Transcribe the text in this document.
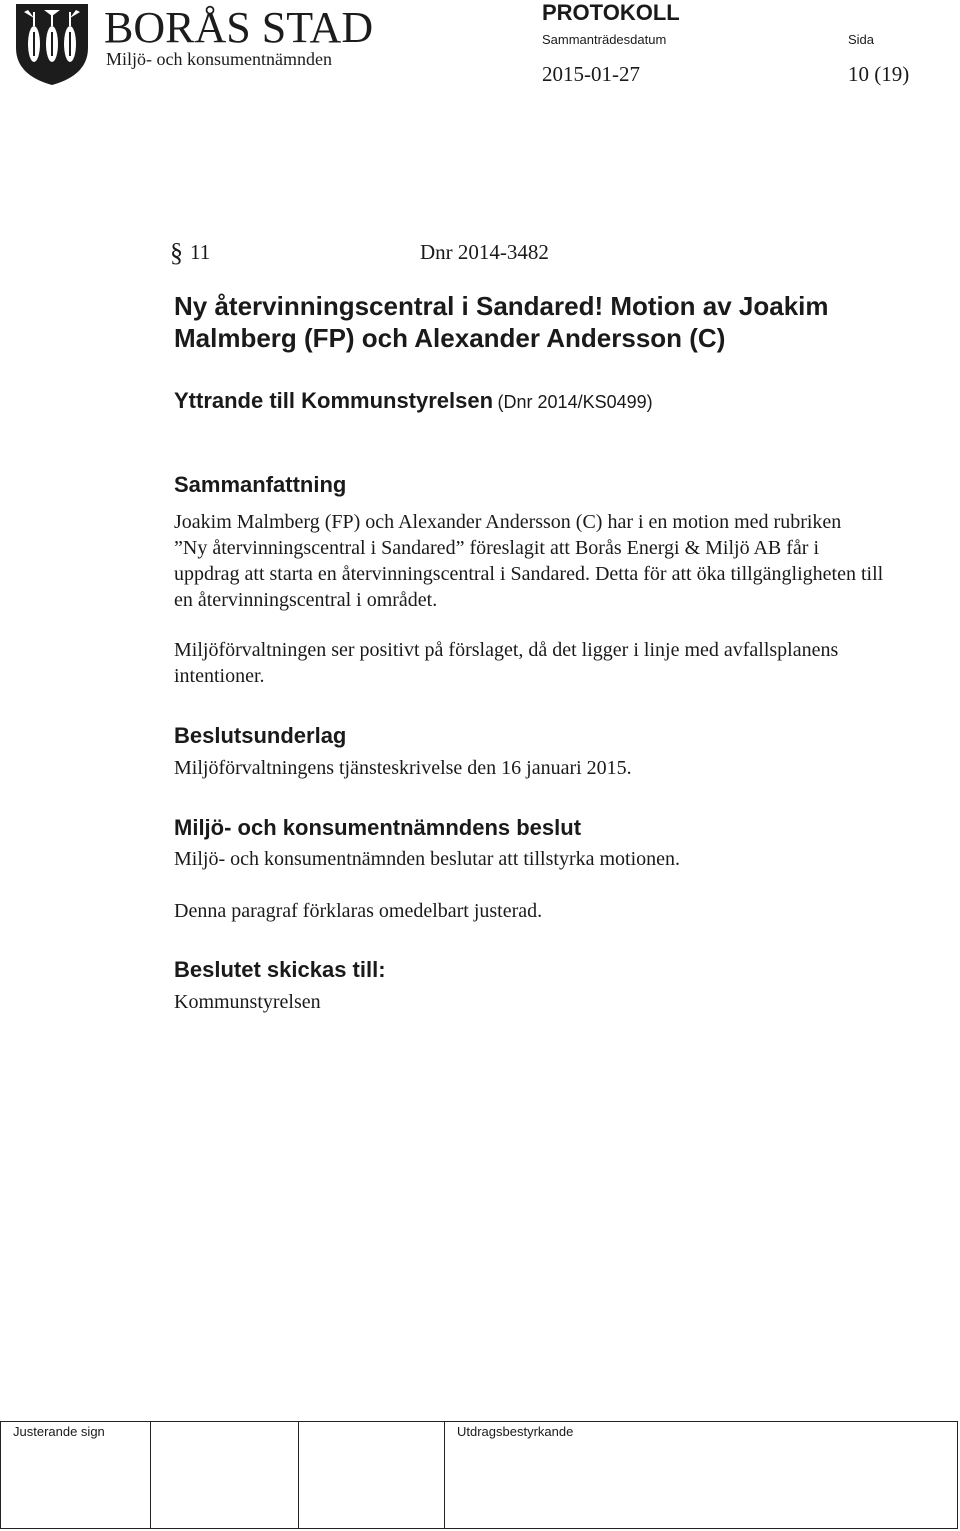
BORÅS STAD
Miljö- och konsumentnämnden
PROTOKOLL
Sammanträdesdatum	Sida
2015-01-27	10 (19)
§ 11	Dnr 2014-3482
Ny återvinningscentral i Sandared! Motion av Joakim
Malmberg (FP) och Alexander Andersson (C)
Yttrande till Kommunstyrelsen (Dnr 2014/KS0499)
Sammanfattning
Joakim Malmberg (FP) och Alexander Andersson (C) har i en motion med rubriken
”Ny återvinningscentral i Sandared” föreslagit att Borås Energi & Miljö AB får i
uppdrag att starta en återvinningscentral i Sandared. Detta för att öka tillgängligheten till
en återvinningscentral i området.
Miljöförvaltningen ser positivt på förslaget, då det ligger i linje med avfallsplanens
intentioner.
Beslutsunderlag
Miljöförvaltningens tjänsteskrivelse den 16 januari 2015.
Miljö- och konsumentnämndens beslut
Miljö- och konsumentnämnden beslutar att tillstyrka motionen.
Denna paragraf förklaras omedelbart justerad.
Beslutet skickas till:
Kommunstyrelsen
Justerande sign	Utdragsbestyrkande
